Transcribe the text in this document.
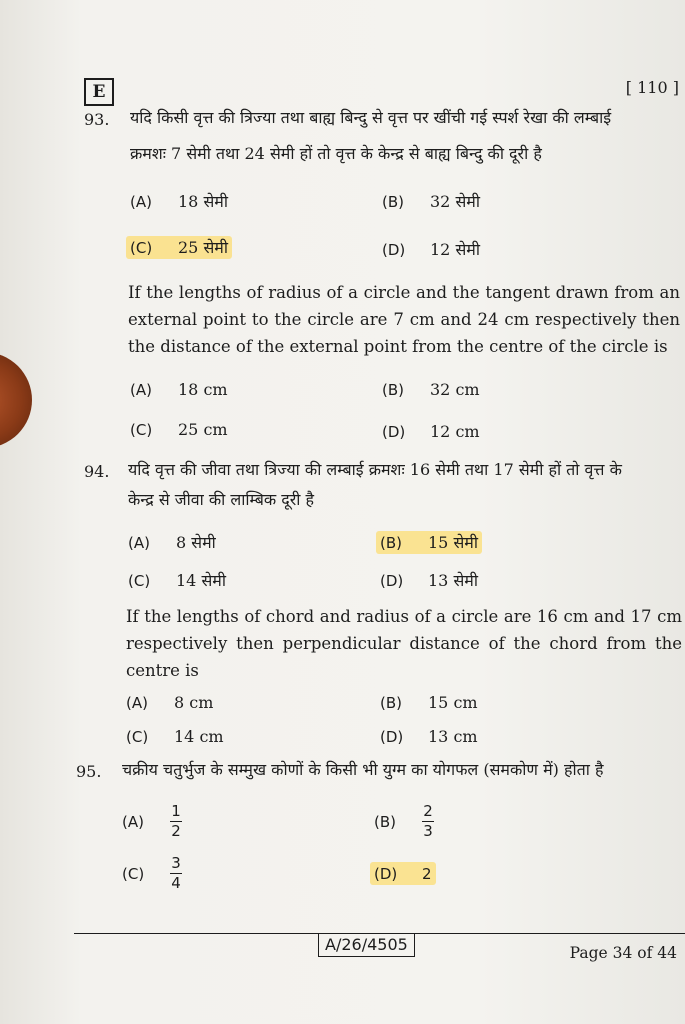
E	[ 110 ]
93. यदि किसी वृत्त की त्रिज्या तथा बाह्य बिन्दु से वृत्त पर खींची गई स्पर्श रेखा की लम्बाई
क्रमशः 7 सेमी तथा 24 सेमी हों तो वृत्त के केन्द्र से बाह्य बिन्दु की दूरी है
(A) 18 सेमी	(B) 32 सेमी
(C) 25 सेमी	(D) 12 सेमी
If the lengths of radius of a circle and the tangent drawn from an external point to the circle are 7 cm and 24 cm respectively then the distance of the external point from the centre of the circle is
(A) 18 cm	(B) 32 cm
(C) 25 cm	(D) 12 cm
94. यदि वृत्त की जीवा तथा त्रिज्या की लम्बाई क्रमशः 16 सेमी तथा 17 सेमी हों तो वृत्त के
केन्द्र से जीवा की लाम्बिक दूरी है
(A) 8 सेमी	(B) 15 सेमी
(C) 14 सेमी	(D) 13 सेमी
If the lengths of chord and radius of a circle are 16 cm and 17 cm respectively then perpendicular distance of the chord from the centre is
(A) 8 cm	(B) 15 cm
(C) 14 cm	(D) 13 cm
95. चक्रीय चतुर्भुज के सम्मुख कोणों के किसी भी युग्म का योगफल (समकोण में) होता है
$(A) \frac{1}{2}$	$(B) \frac{2}{3}$
$(C) \frac{3}{4}$	(D) 2
A/26/4505	Page 34 of 44
